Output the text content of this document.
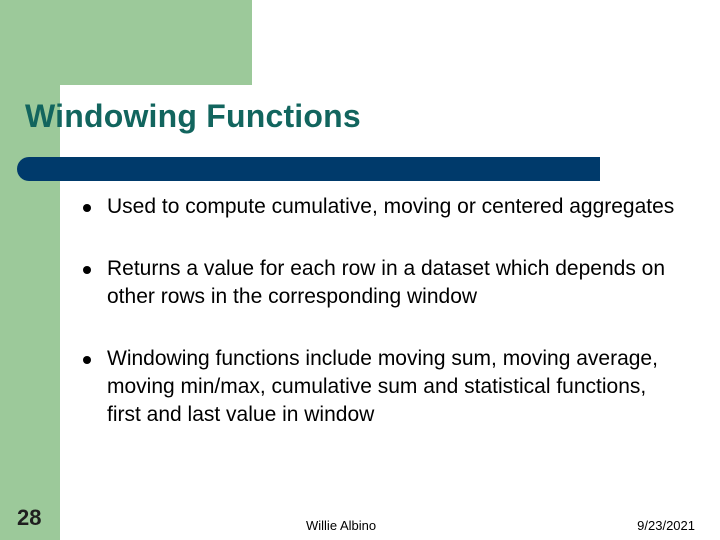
Windowing Functions
Used to compute cumulative, moving or centered aggregates
Returns a value for each row in a dataset which depends on other rows in the corresponding window
Windowing functions include moving sum, moving average, moving min/max, cumulative sum and statistical functions, first and last value in window
28	Willie Albino	9/23/2021
